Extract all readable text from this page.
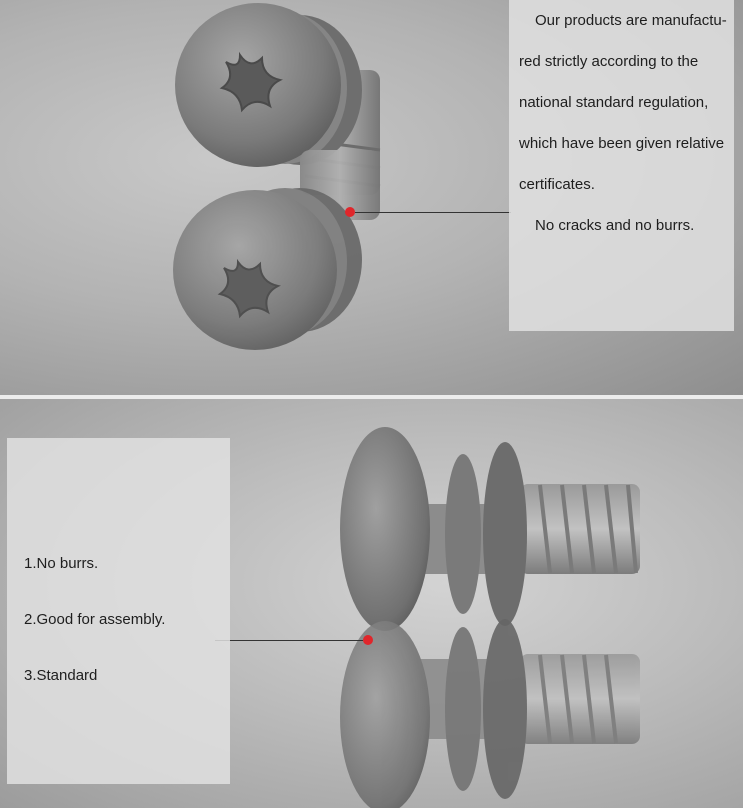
Our products are manufactu-
red strictly according to the
national standard regulation,
which have been given relative
certificates.
No cracks and no burrs.
1.No burrs.
2.Good for assembly.
3.Standard
